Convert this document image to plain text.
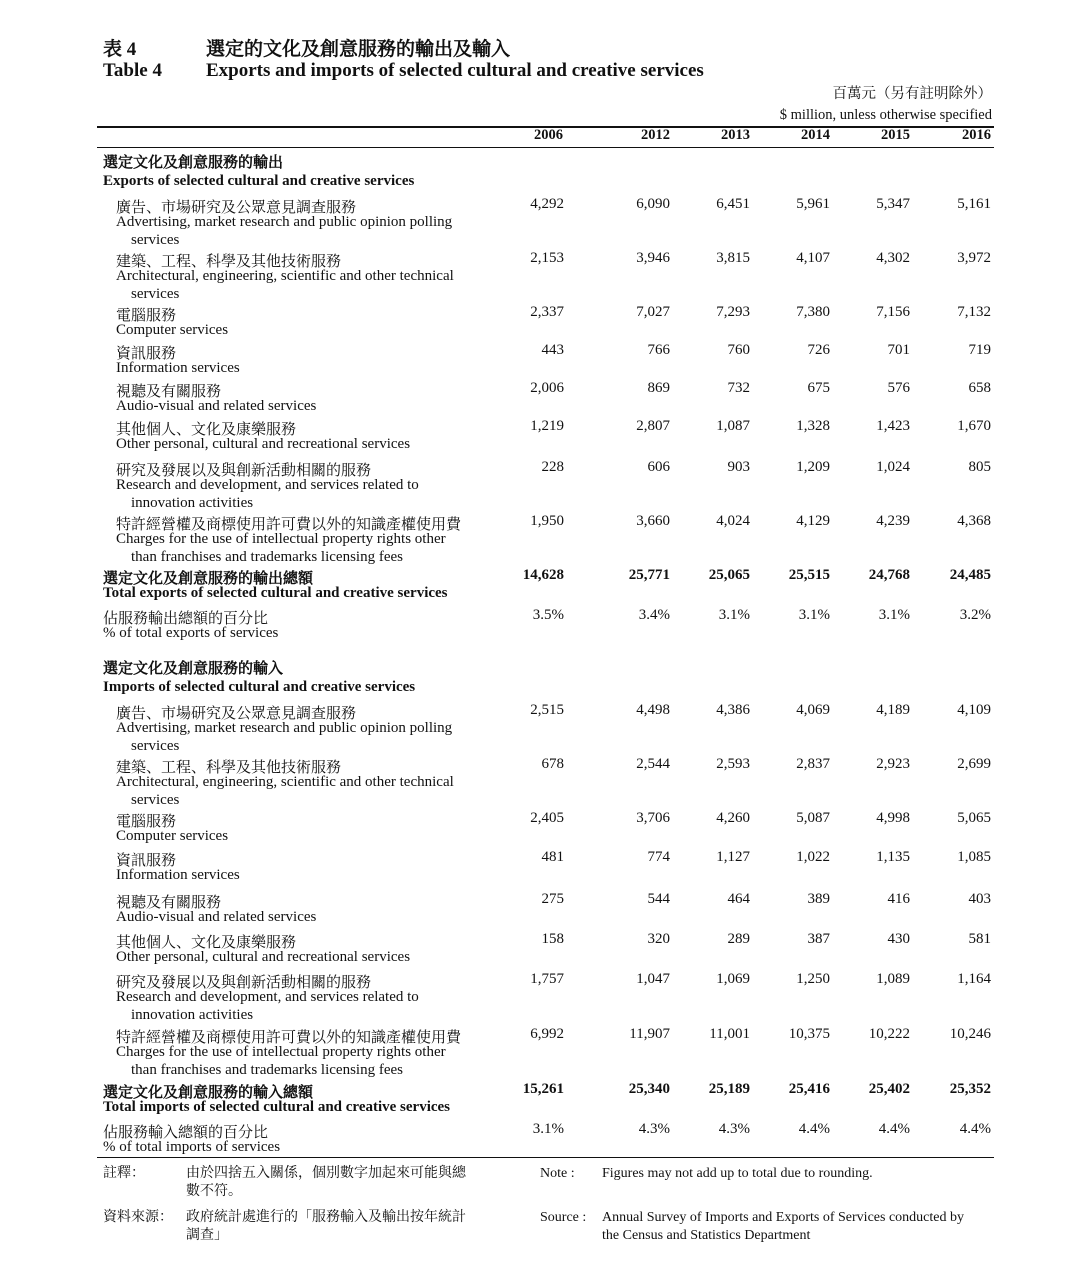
表 4	選定的文化及創意服務的輸出及輸入
Table 4 Exports and imports of selected cultural and creative services
百萬元（另有註明除外）
$ million, unless otherwise specified
2006	2012	2013	2014	2015	2016
選定文化及創意服務的輸出
Exports of selected cultural and creative services
廣告、市場研究及公眾意見調查服務
Advertising, market research and public opinion polling
services
4,292	6,090	6,451	5,961	5,347	5,161
建築、工程、科學及其他技術服務
Architectural, engineering, scientific and other technical
services
2,153	3,946	3,815	4,107	4,302	3,972
電腦服務
Computer services
2,337	7,027	7,293	7,380	7,156	7,132
資訊服務
Information services
443	766	760	726	701	719
視聽及有關服務
Audio-visual and related services
2,006	869	732	675	576	658
其他個人、文化及康樂服務
Other personal, cultural and recreational services
1,219	2,807	1,087	1,328	1,423	1,670
研究及發展以及與創新活動相關的服務
Research and development, and services related to
innovation activities
228	606	903	1,209	1,024	805
特許經營權及商標使用許可費以外的知識產權使用費
Charges for the use of intellectual property rights other
than franchises and trademarks licensing fees
1,950	3,660	4,024	4,129	4,239	4,368
選定文化及創意服務的輸出總額
Total exports of selected cultural and creative services
14,628	25,771	25,065	25,515	24,768	24,485
佔服務輸出總額的百分比
% of total exports of services
3.5%	3.4%	3.1%	3.1%	3.1%	3.2%
選定文化及創意服務的輸入
Imports of selected cultural and creative services
廣告、市場研究及公眾意見調查服務
Advertising, market research and public opinion polling
services
2,515	4,498	4,386	4,069	4,189	4,109
建築、工程、科學及其他技術服務
Architectural, engineering, scientific and other technical
services
678	2,544	2,593	2,837	2,923	2,699
電腦服務
Computer services
2,405	3,706	4,260	5,087	4,998	5,065
資訊服務
Information services
481	774	1,127	1,022	1,135	1,085
視聽及有關服務
Audio-visual and related services
275	544	464	389	416	403
其他個人、文化及康樂服務
Other personal, cultural and recreational services
158	320	289	387	430	581
研究及發展以及與創新活動相關的服務
Research and development, and services related to
innovation activities
1,757	1,047	1,069	1,250	1,089	1,164
特許經營權及商標使用許可費以外的知識產權使用費
Charges for the use of intellectual property rights other
than franchises and trademarks licensing fees
6,992	11,907	11,001	10,375	10,222	10,246
選定文化及創意服務的輸入總額
Total imports of selected cultural and creative services
15,261	25,340	25,189	25,416	25,402	25,352
佔服務輸入總額的百分比
% of total imports of services
3.1%	4.3%	4.3%	4.4%	4.4%	4.4%
註釋：	由於四捨五入關係，個別數字加起來可能與總
數不符。
資料來源： 政府統計處進行的「服務輸入及輸出按年統計
調查」
Note : Figures may not add up to total due to rounding.
Source : Annual Survey of Imports and Exports of Services conducted by
the Census and Statistics Department
